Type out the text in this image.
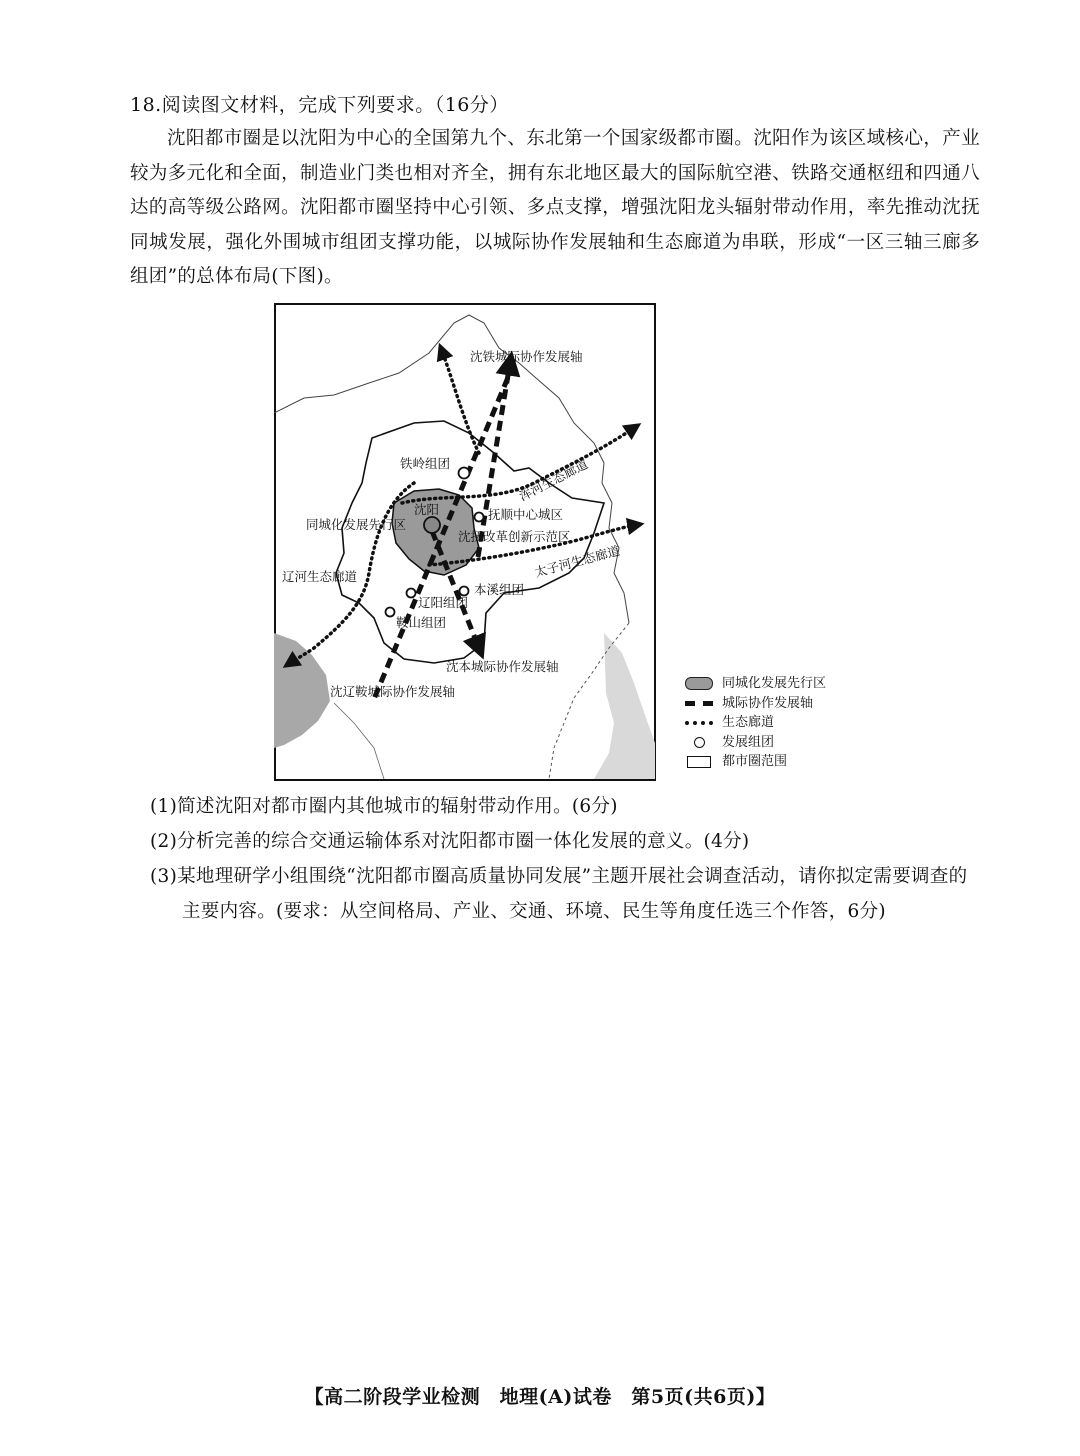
18.阅读图文材料，完成下列要求。（16分）
沈阳都市圈是以沈阳为中心的全国第九个、东北第一个国家级都市圈。沈阳作为该区域核心，产业较为多元化和全面，制造业门类也相对齐全，拥有东北地区最大的国际航空港、铁路交通枢纽和四通八达的高等级公路网。沈阳都市圈坚持中心引领、多点支撑，增强沈阳龙头辐射带动作用，率先推动沈抚同城发展，强化外围城市组团支撑功能，以城际协作发展轴和生态廊道为串联，形成“一区三轴三廊多组团”的总体布局(下图)。
沈铁城际协作发展轴
浑河生态廊道
铁岭组团
沈阳
同城化发展先行区
抚顺中心城区
沈抚改革创新示范区
太子河生态廊道
辽河生态廊道
本溪组团
辽阳组团
鞍山组团
沈本城际协作发展轴
沈辽鞍城际协作发展轴
同城化发展先行区
城际协作发展轴
生态廊道
发展组团
都市圈范围
(1)简述沈阳对都市圈内其他城市的辐射带动作用。(6分)
(2)分析完善的综合交通运输体系对沈阳都市圈一体化发展的意义。(4分)
(3)某地理研学小组围绕“沈阳都市圈高质量协同发展”主题开展社会调查活动，请你拟定需要调查的主要内容。(要求：从空间格局、产业、交通、环境、民生等角度任选三个作答，6分)
【高二阶段学业检测　地理(A)试卷　第5页(共6页)】
